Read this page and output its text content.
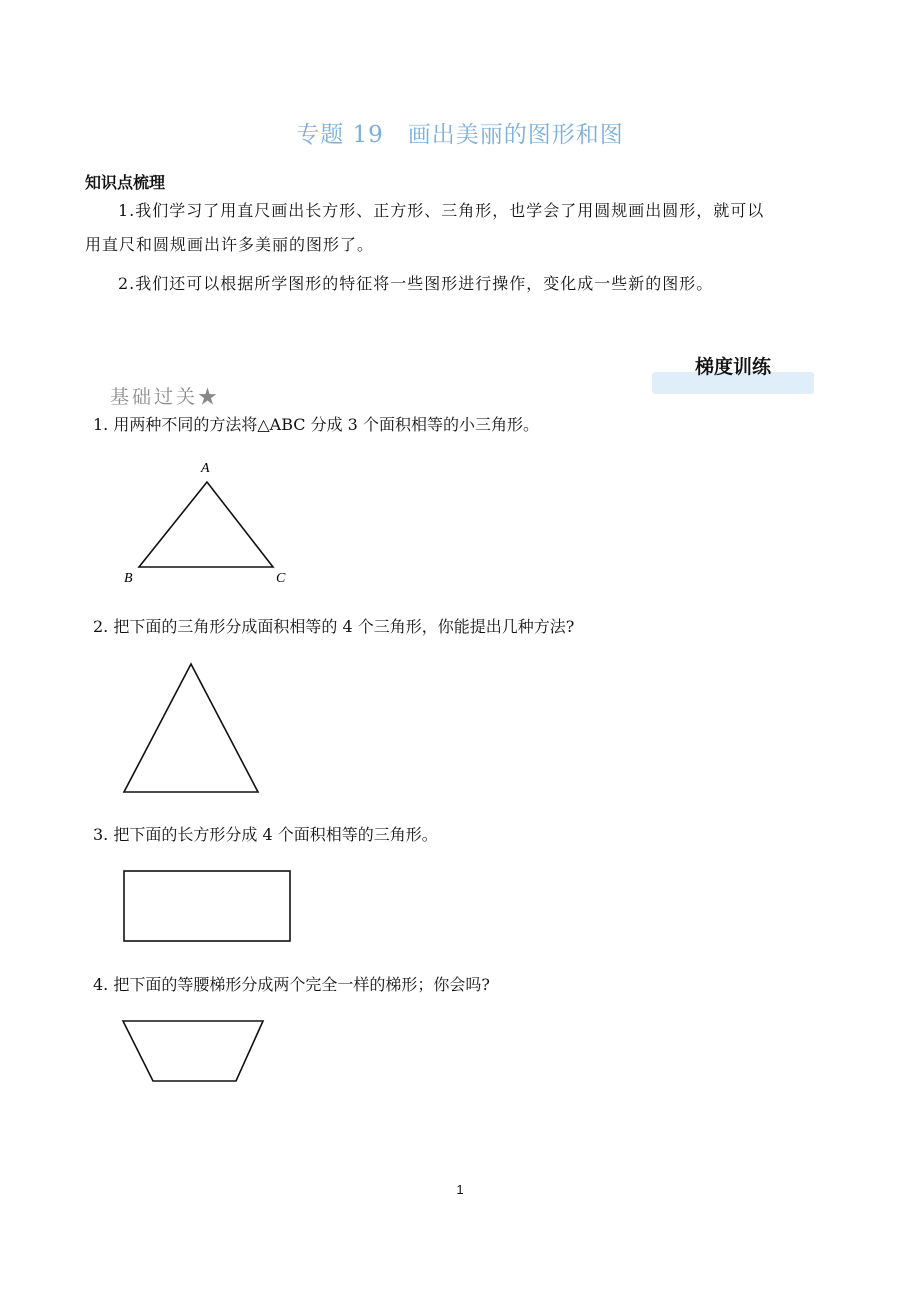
专题 19　画出美丽的图形和图
知识点梳理
1.我们学习了用直尺画出长方形、正方形、三角形，也学会了用圆规画出圆形，就可以
用直尺和圆规画出许多美丽的图形了。
2.我们还可以根据所学图形的特征将一些图形进行操作，变化成一些新的图形。
梯度训练
基础过关★
1. 用两种不同的方法将△ABC 分成 3 个面积相等的小三角形。
2. 把下面的三角形分成面积相等的 4 个三角形，你能提出几种方法?
3. 把下面的长方形分成 4 个面积相等的三角形。
4. 把下面的等腰梯形分成两个完全一样的梯形；你会吗?
A
B	C
1
